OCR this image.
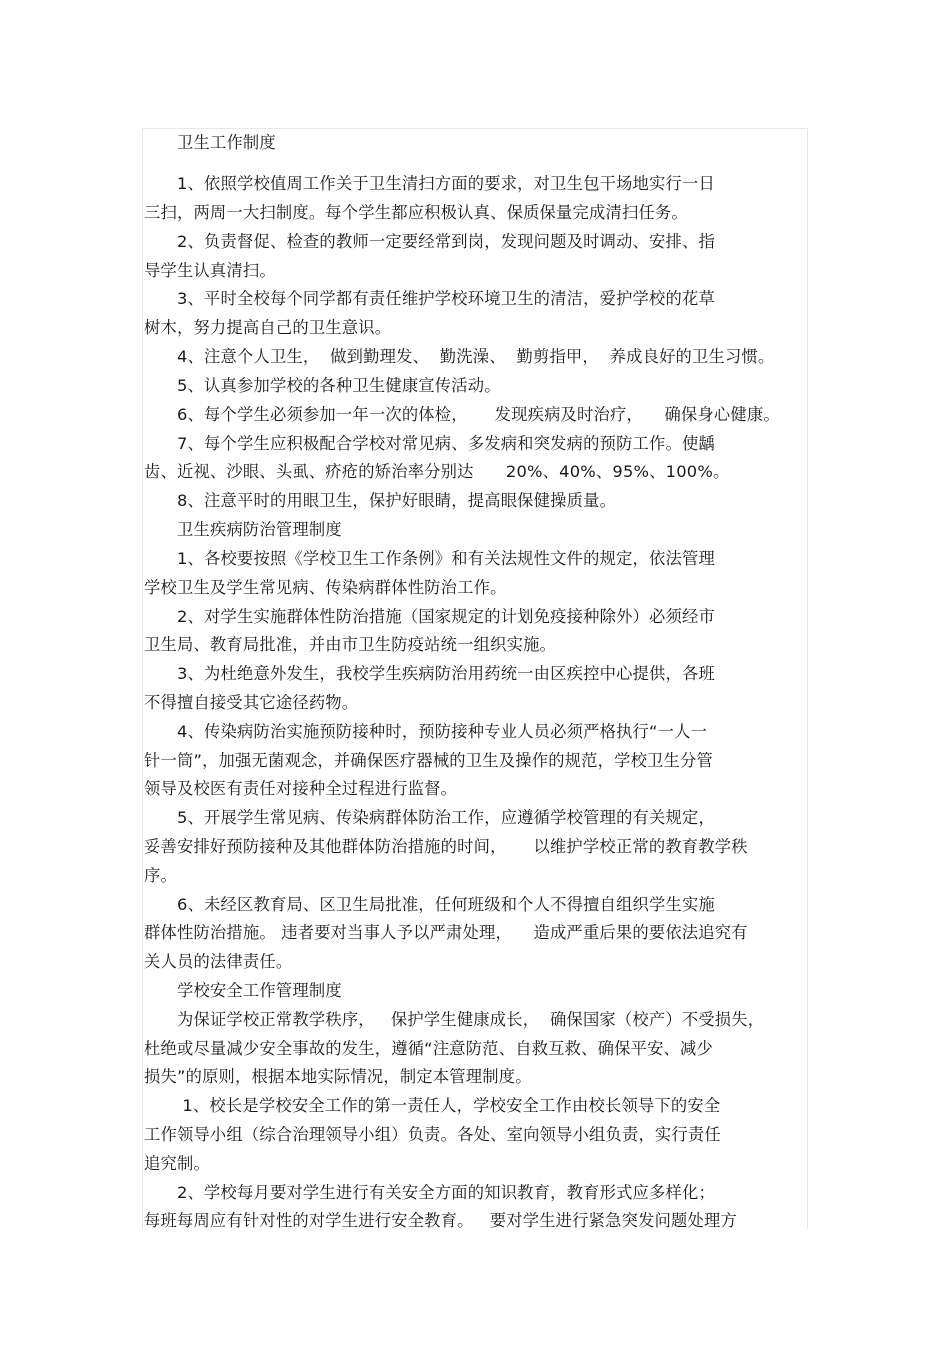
卫生工作制度
1、依照学校值周工作关于卫生清扫方面的要求，对卫生包干场地实行一日
三扫，两周一大扫制度。每个学生都应积极认真、保质保量完成清扫任务。
2、负责督促、检查的教师一定要经常到岗，发现问题及时调动、安排、指
导学生认真清扫。
3、平时全校每个同学都有责任维护学校环境卫生的清洁，爱护学校的花草
树木，努力提高自己的卫生意识。
4、注意个人卫生，  做到勤理发、  勤洗澡、  勤剪指甲，  养成良好的卫生习惯。
5、认真参加学校的各种卫生健康宣传活动。
6、每个学生必须参加一年一次的体检，     发现疾病及时治疗，    确保身心健康。
7、每个学生应积极配合学校对常见病、多发病和突发病的预防工作。使龋
齿、近视、沙眼、头虱、疥疮的矫治率分别达      20%、40%、95%、100%。
8、注意平时的用眼卫生，保护好眼睛，提高眼保健操质量。
卫生疾病防治管理制度
1、各校要按照《学校卫生工作条例》和有关法规性文件的规定，依法管理
学校卫生及学生常见病、传染病群体性防治工作。
2、对学生实施群体性防治措施（国家规定的计划免疫接种除外）必须经市
卫生局、教育局批准，并由市卫生防疫站统一组织实施。
3、为杜绝意外发生，我校学生疾病防治用药统一由区疾控中心提供，各班
不得擅自接受其它途径药物。
4、传染病防治实施预防接种时，预防接种专业人员必须严格执行“一人一
针一筒”，加强无菌观念，并确保医疗器械的卫生及操作的规范，学校卫生分管
领导及校医有责任对接种全过程进行监督。
5、开展学生常见病、传染病群体防治工作，应遵循学校管理的有关规定，
妥善安排好预防接种及其他群体防治措施的时间，     以维护学校正常的教育教学秩
序。
6、未经区教育局、区卫生局批准，任何班级和个人不得擅自组织学生实施
群体性防治措施。 违者要对当事人予以严肃处理，    造成严重后果的要依法追究有
关人员的法律责任。
学校安全工作管理制度
为保证学校正常教学秩序，   保护学生健康成长，  确保国家（校产）不受损失，
杜绝或尽量减少安全事故的发生，遵循“注意防范、自救互救、确保平安、减少
损失”的原则，根据本地实际情况，制定本管理制度。
1、校长是学校安全工作的第一责任人，学校安全工作由校长领导下的安全
工作领导小组（综合治理领导小组）负责。各处、室向领导小组负责，实行责任
追究制。
2、学校每月要对学生进行有关安全方面的知识教育，教育形式应多样化；
每班每周应有针对性的对学生进行安全教育。   要对学生进行紧急突发问题处理方
